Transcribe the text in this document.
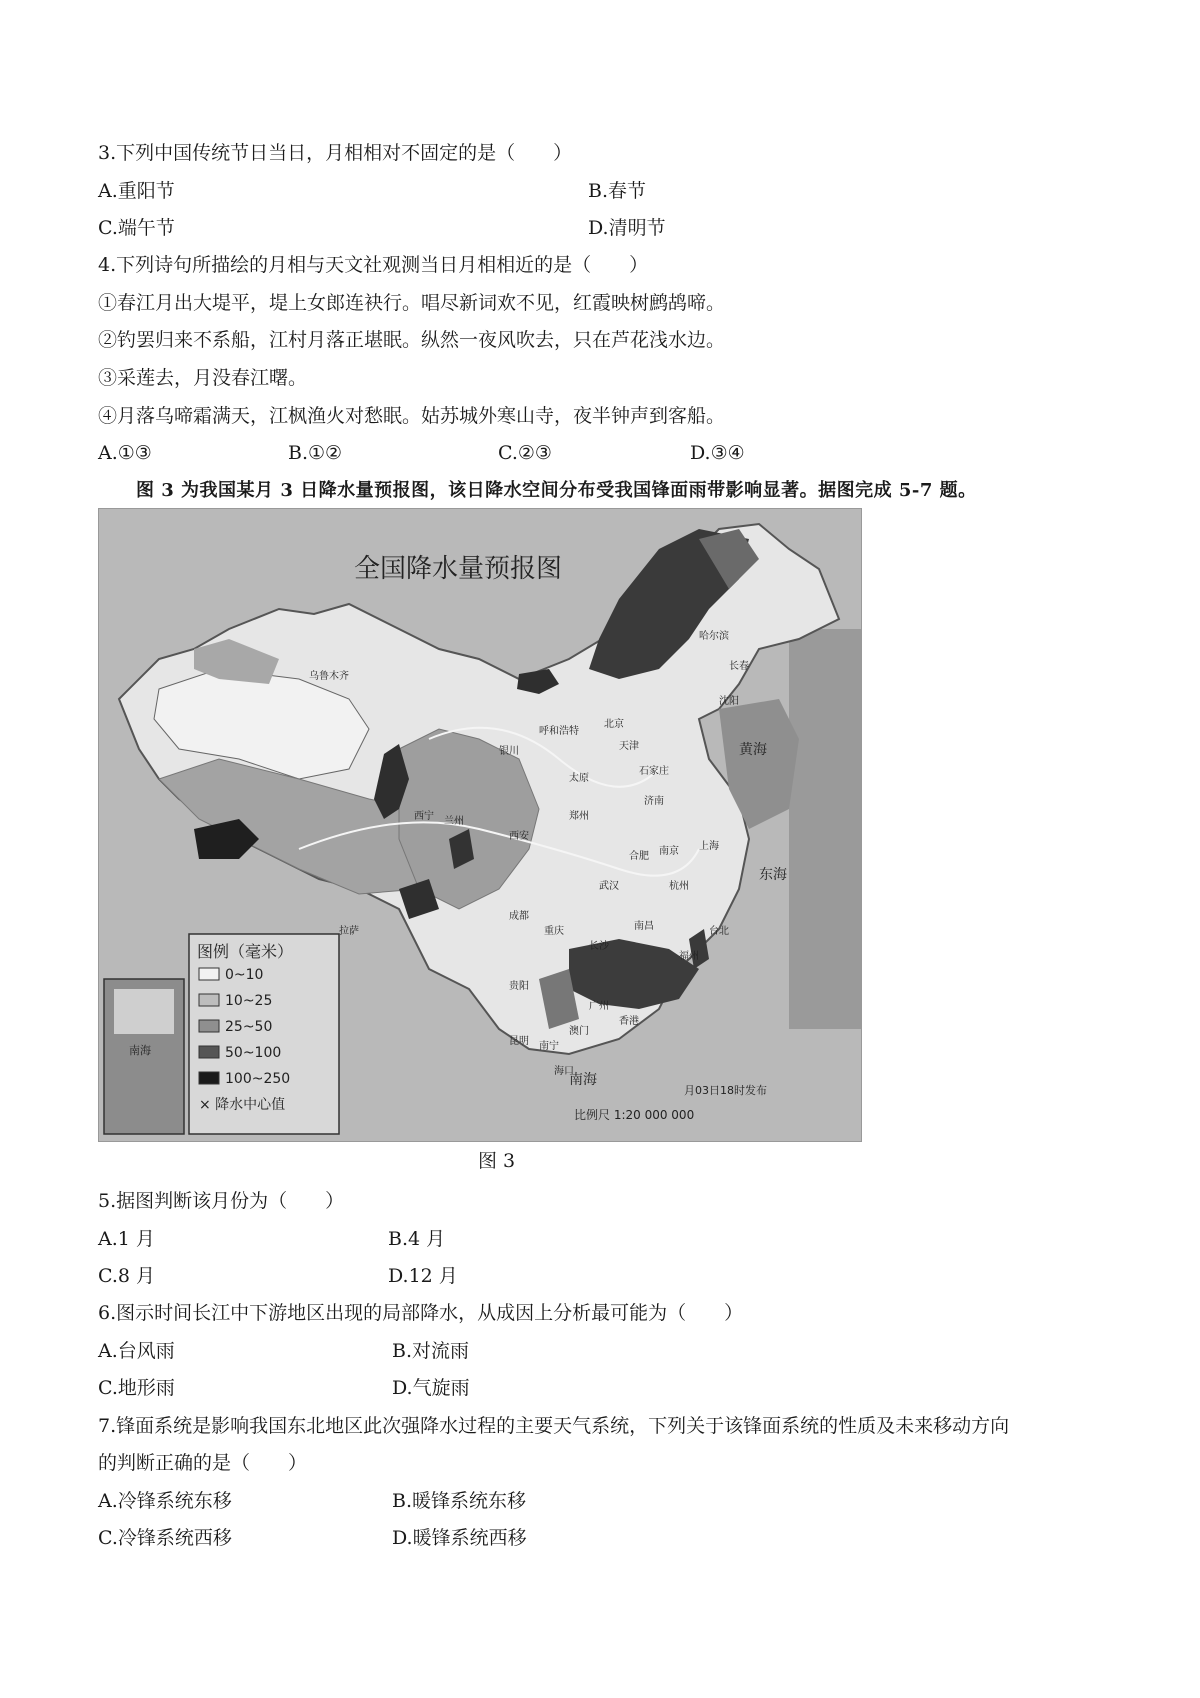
3.下列中国传统节日当日，月相相对不固定的是（　　）
A.重阳节	B.春节
C.端午节	D.清明节
4.下列诗句所描绘的月相与天文社观测当日月相相近的是（　　）
①春江月出大堤平，堤上女郎连袂行。唱尽新词欢不见，红霞映树鹧鸪啼。
②钓罢归来不系船，江村月落正堪眠。纵然一夜风吹去，只在芦花浅水边。
③采莲去，月没春江曙。
④月落乌啼霜满天，江枫渔火对愁眠。姑苏城外寒山寺，夜半钟声到客船。
A.①③	B.①②	C.②③	D.③④
图 3 为我国某月 3 日降水量预报图，该日降水空间分布受我国锋面雨带影响显著。据图完成 5-7 题。
全国降水量预报图
黄海
东海
南海
乌鲁木齐
哈尔滨
长春
沈阳
呼和浩特
北京
天津
银川
太原
石家庄
济南
西宁 兰州
西安
郑州
合肥 南京 上海
武汉	杭州
成都
重庆
长沙
南昌
拉萨
贵阳
福州
台北
昆明
广州
南宁
澳门
香港
海口
图例（毫米）
0~10
10~25
25~50
50~100
100~250
× 降水中心值
南海
月03日18时发布
比例尺 1:20 000 000
图 3
5.据图判断该月份为（　　）
A.1 月	B.4 月
C.8 月	D.12 月
6.图示时间长江中下游地区出现的局部降水，从成因上分析最可能为（　　）
A.台风雨	B.对流雨
C.地形雨	D.气旋雨
7.锋面系统是影响我国东北地区此次强降水过程的主要天气系统，下列关于该锋面系统的性质及未来移动方向
的判断正确的是（　　）
A.冷锋系统东移	B.暖锋系统东移
C.冷锋系统西移	D.暖锋系统西移
